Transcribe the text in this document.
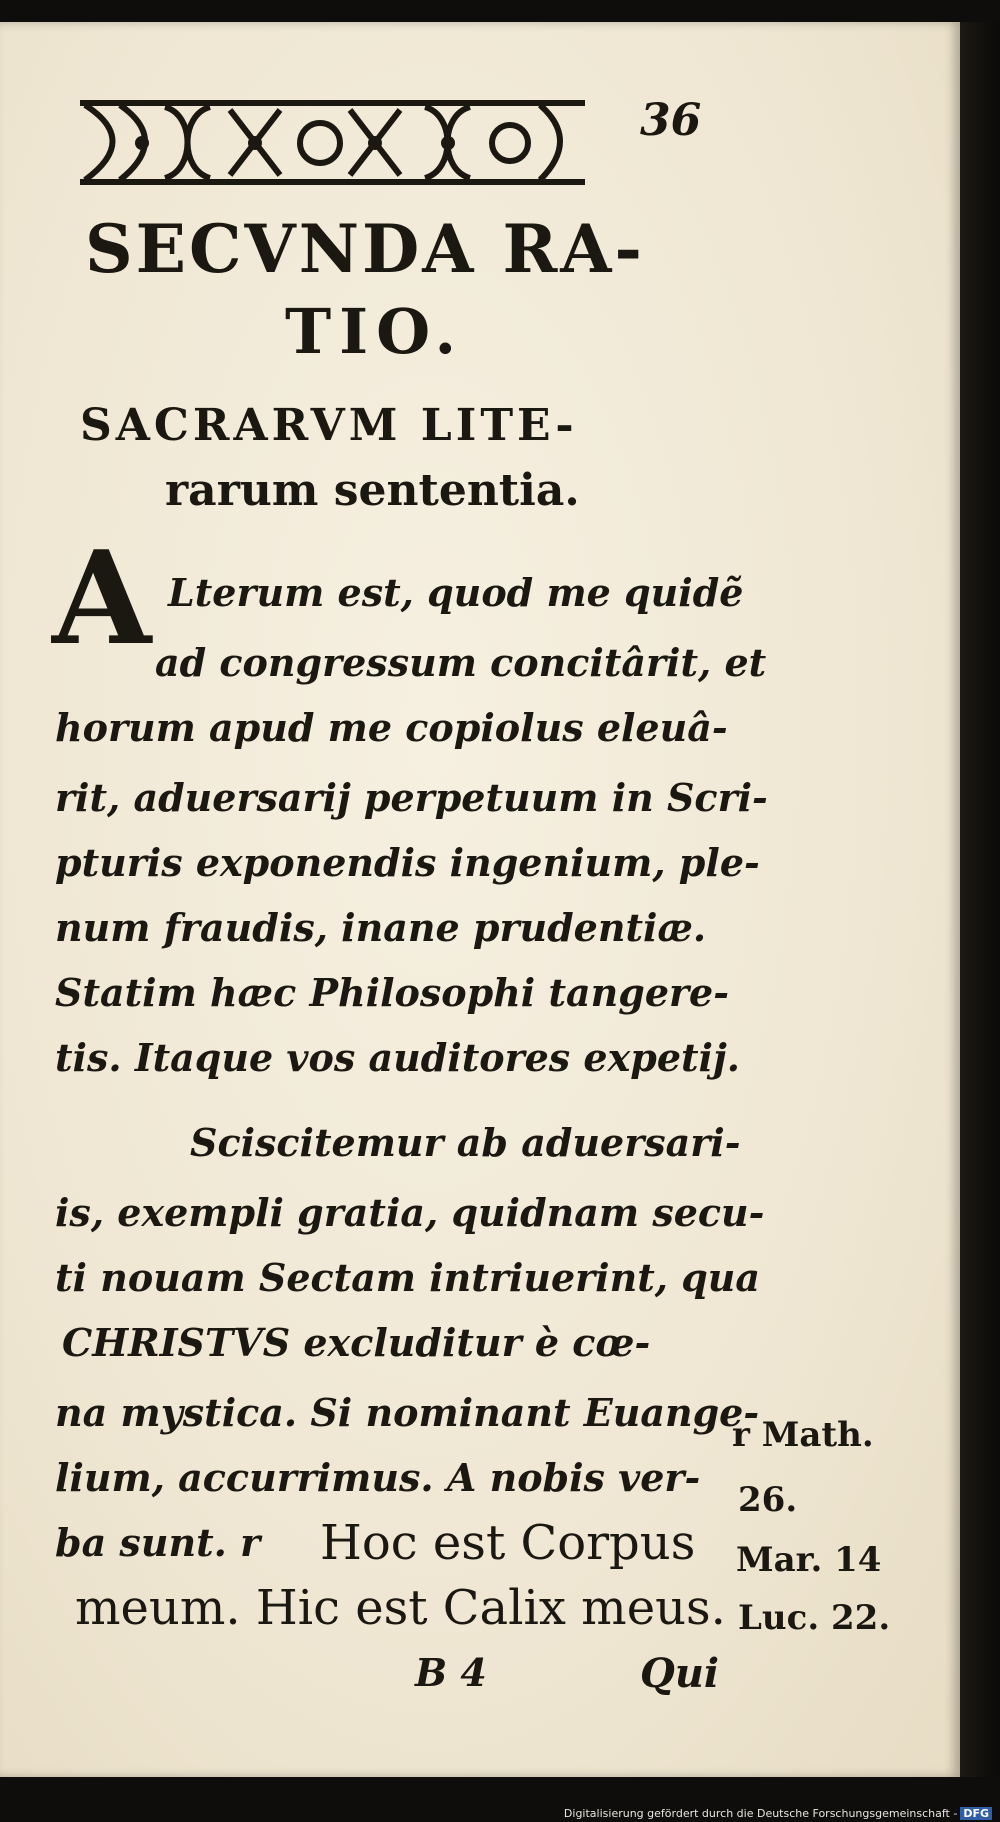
36
SECVNDA RA-
TIO.
SACRARVM LITE-
rarum sententia.
A Lterum est, quod me quidẽ
ad congressum concitârit, et
horum apud me copiolus eleuâ-
rit, aduersarij perpetuum in Scri-
pturis exponendis ingenium, ple-
num fraudis, inane prudentiæ.
Statim hæc Philosophi tangere-
tis. Itaque vos auditores expetij.
Sciscitemur ab aduersari-
is, exempli gratia, quidnam secu-
ti nouam Sectam intriuerint, qua
CHRISTVS excluditur è cœ-
na mystica. Si nominant Euange-
lium, accurrimus. A nobis ver-
ba sunt. r Hoc est Corpus
meum. Hic est Calix meus.
r Math.
26.
Mar. 14
Luc. 22.
B 4	Qui
Digitalisierung gefördert durch die Deutsche Forschungsgemeinschaft - DFG
